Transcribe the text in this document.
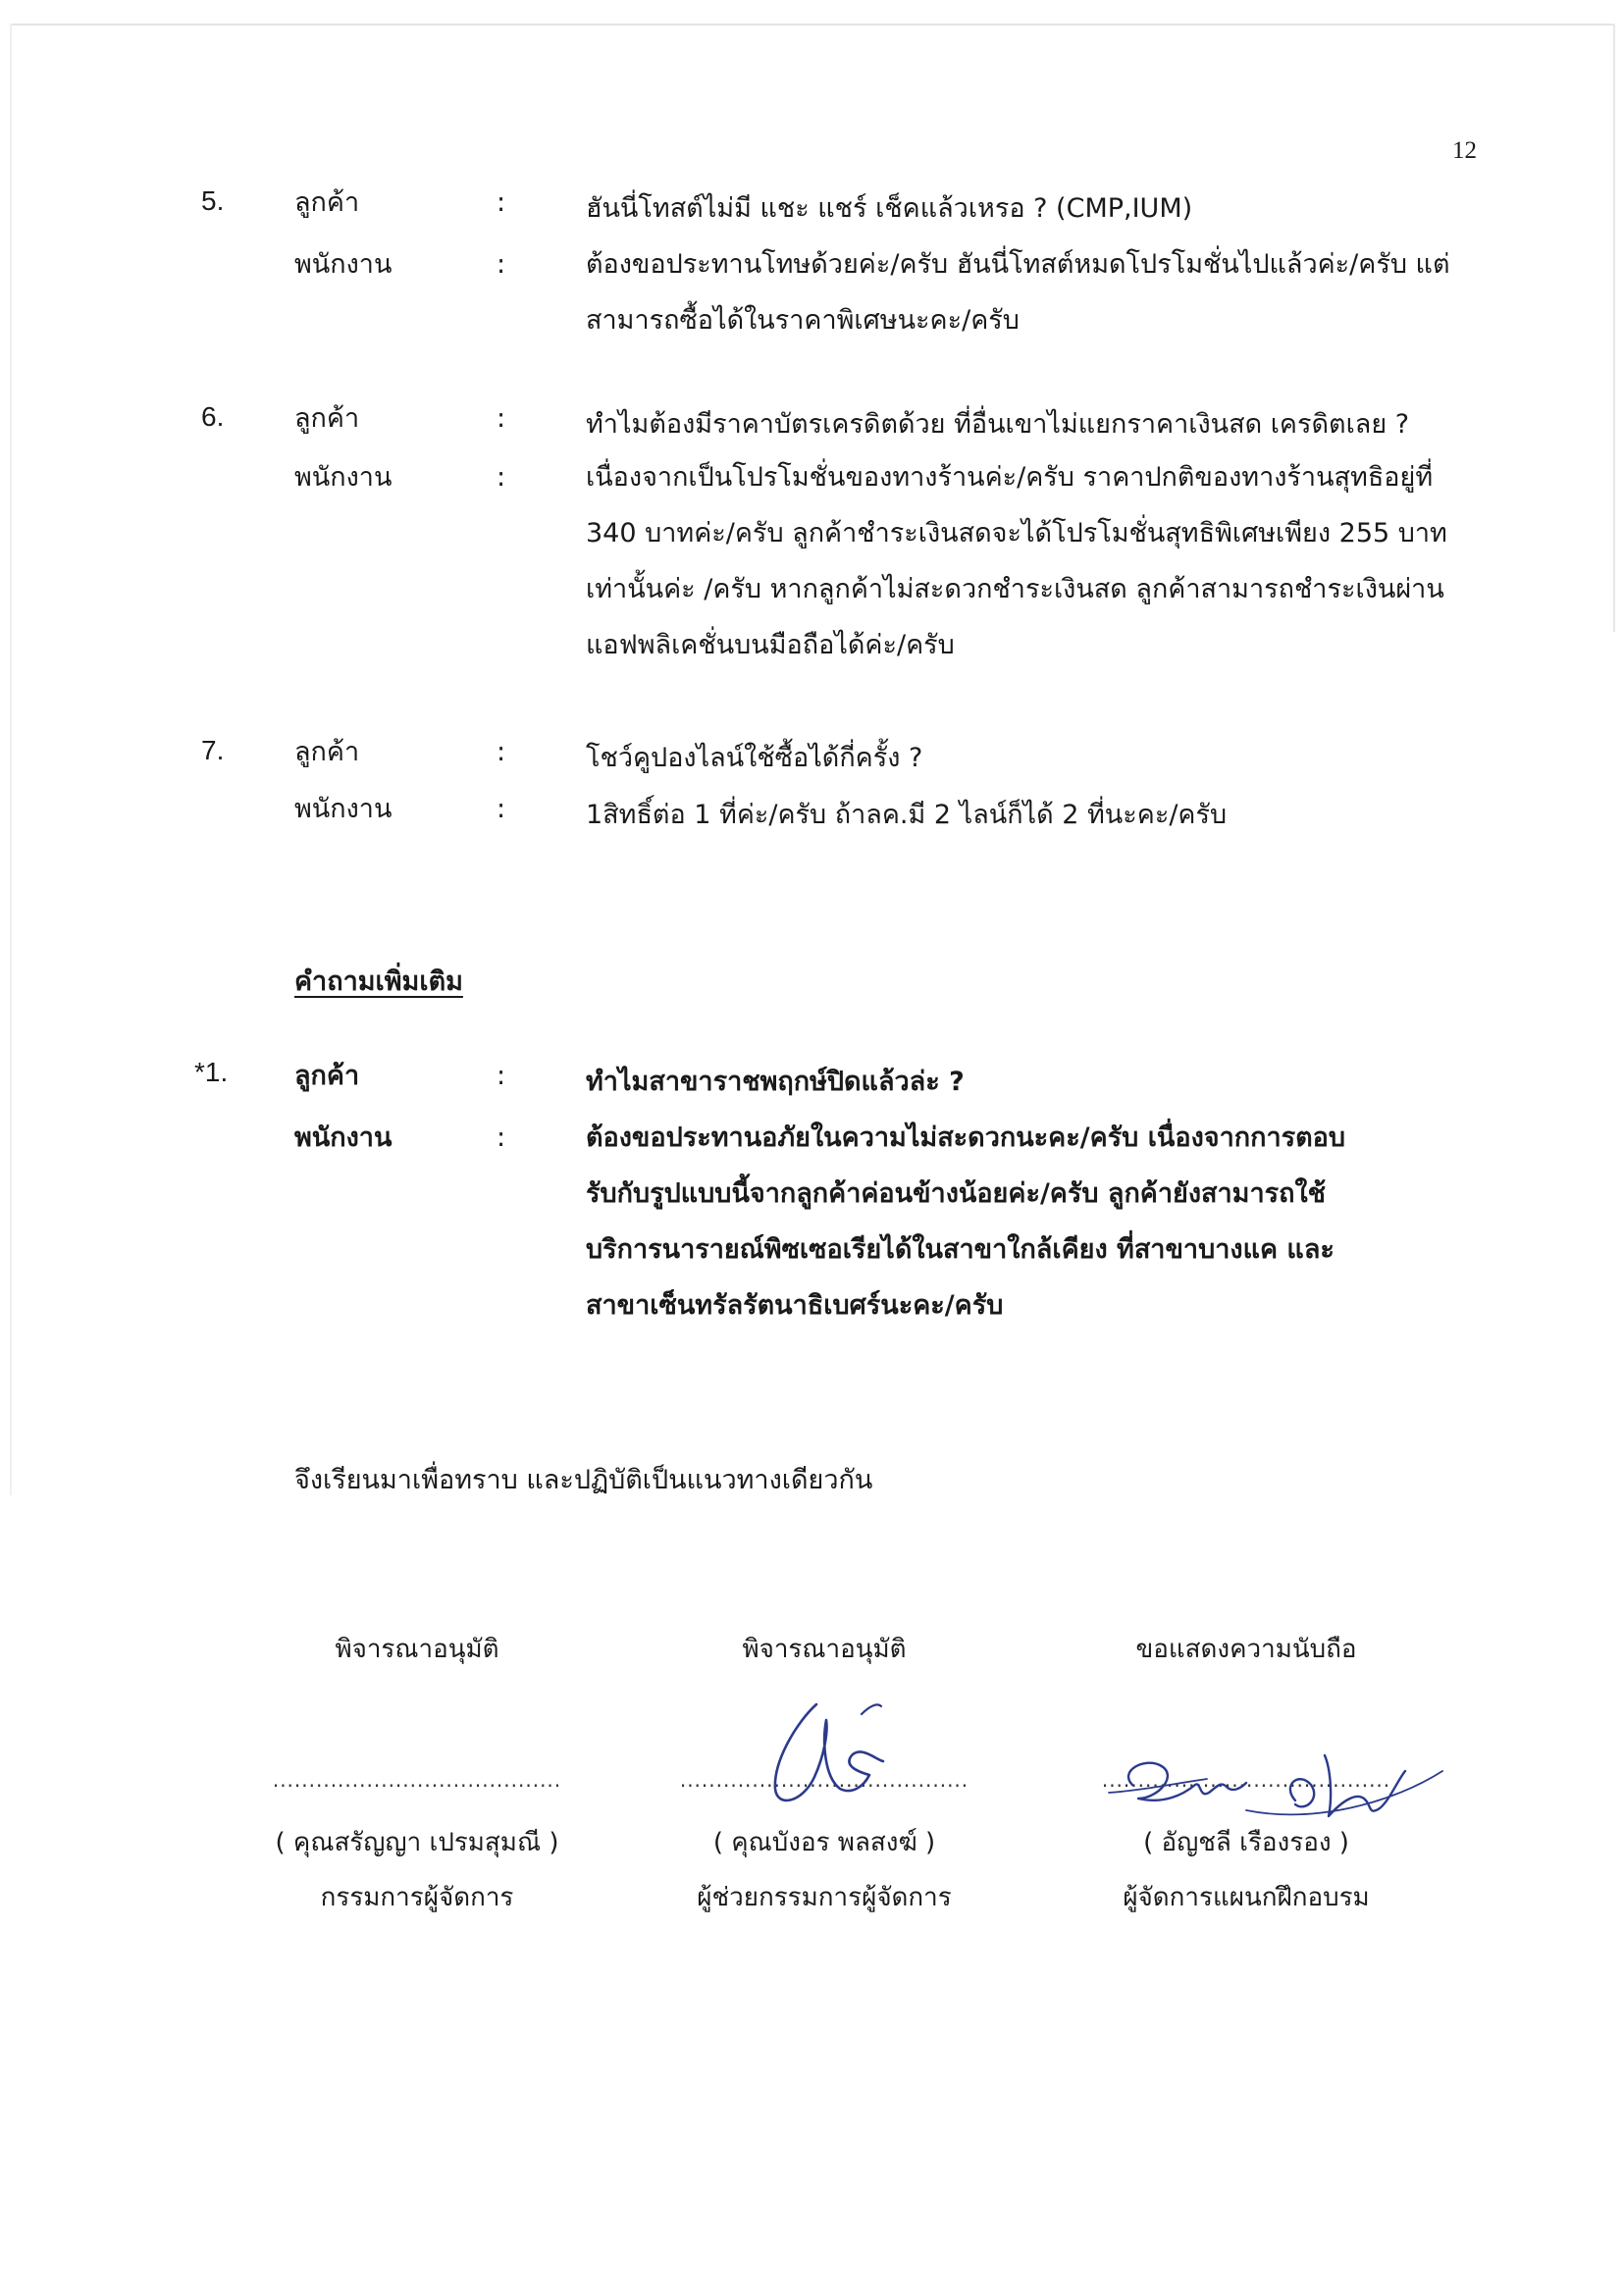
12
5.	ลูกค้า	:	ฮันนี่โทสต์ไม่มี แชะ แชร์ เช็คแล้วเหรอ ? (CMP,IUM)
พนักงาน	:	ต้องขอประทานโทษด้วยค่ะ/ครับ ฮันนี่โทสต์หมดโปรโมชั่นไปแล้วค่ะ/ครับ แต่
สามารถซื้อได้ในราคาพิเศษนะคะ/ครับ
6.	ลูกค้า	:	ทำไมต้องมีราคาบัตรเครดิตด้วย ที่อื่นเขาไม่แยกราคาเงินสด เครดิตเลย ?
พนักงาน	:	เนื่องจากเป็นโปรโมชั่นของทางร้านค่ะ/ครับ ราคาปกติของทางร้านสุทธิอยู่ที่
340 บาทค่ะ/ครับ ลูกค้าชำระเงินสดจะได้โปรโมชั่นสุทธิพิเศษเพียง 255 บาท
เท่านั้นค่ะ /ครับ หากลูกค้าไม่สะดวกชำระเงินสด ลูกค้าสามารถชำระเงินผ่าน
แอฟพลิเคชั่นบนมือถือได้ค่ะ/ครับ
7.	ลูกค้า	:	โชว์คูปองไลน์ใช้ซื้อได้กี่ครั้ง ?
พนักงาน	:	1สิทธิ์ต่อ 1 ที่ค่ะ/ครับ ถ้าลค.มี 2 ไลน์ก็ได้ 2 ที่นะคะ/ครับ
คำถามเพิ่มเติม
*1.	ลูกค้า	:	ทำไมสาขาราชพฤกษ์ปิดแล้วล่ะ ?
พนักงาน	:	ต้องขอประทานอภัยในความไม่สะดวกนะคะ/ครับ เนื่องจากการตอบ
รับกับรูปแบบนี้จากลูกค้าค่อนข้างน้อยค่ะ/ครับ ลูกค้ายังสามารถใช้
บริการนารายณ์พิซเซอเรียได้ในสาขาใกล้เคียง ที่สาขาบางแค และ
สาขาเซ็นทรัลรัตนาธิเบศร์นะคะ/ครับ
จึงเรียนมาเพื่อทราบ และปฏิบัติเป็นแนวทางเดียวกัน
พิจารณาอนุมัติ
........................................
( คุณสรัญญา เปรมสุมณี )
กรรมการผู้จัดการ
พิจารณาอนุมัติ
........................................
( คุณบังอร พลสงฆ์ )
ผู้ช่วยกรรมการผู้จัดการ
ขอแสดงความนับถือ
........................................
( อัญชลี เรืองรอง )
ผู้จัดการแผนกฝึกอบรม
